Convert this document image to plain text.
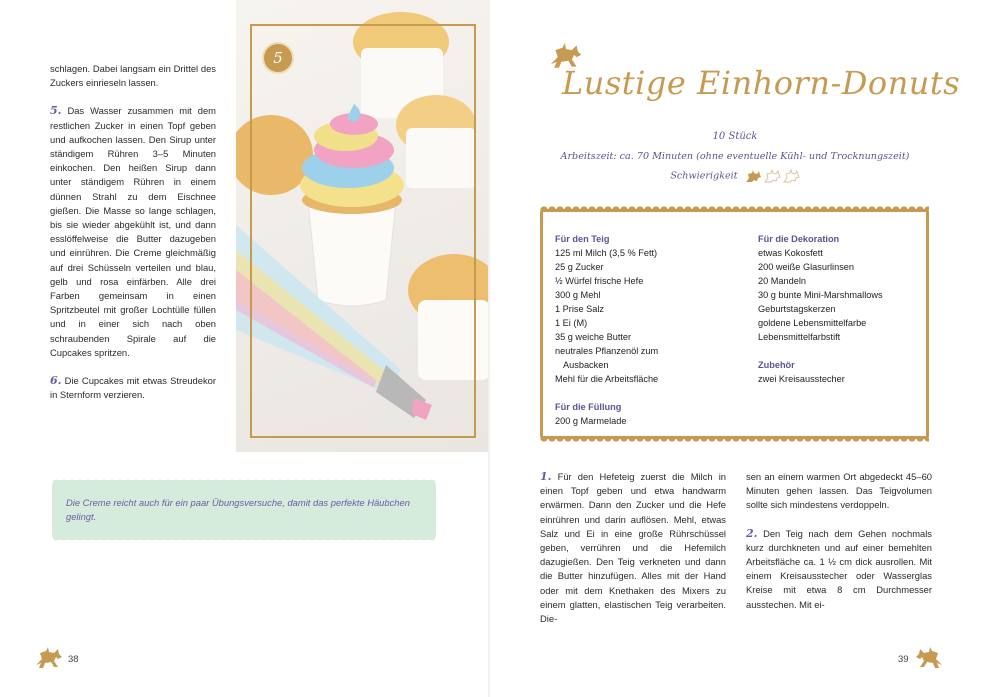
schlagen. Dabei langsam ein Drittel des Zuckers einrieseln lassen.

5. Das Wasser zusammen mit dem restlichen Zucker in einen Topf geben und aufkochen lassen. Den Sirup unter ständigem Rühren 3–5 Minuten einkochen. Den heißen Sirup dann unter ständigem Rühren in einem dünnen Strahl zu dem Eischnee gießen. Die Masse so lange schlagen, bis sie wieder abgekühlt ist, und dann esslöffelweise die Butter dazugeben und einrühren. Die Creme gleichmäßig auf drei Schüsseln verteilen und blau, gelb und rosa einfärben. Alle drei Farben gemeinsam in einen Spritzbeutel mit großer Lochtülle füllen und in einer sich nach oben schraubenden Spirale auf die Cupcakes spritzen.

6. Die Cupcakes mit etwas Streudekor in Sternform verzieren.

5
Die Creme reicht auch für ein paar Übungsversuche, damit das perfekte Häubchen gelingt.
38
Lustige Einhorn-Donuts
10 Stück
Arbeitszeit: ca. 70 Minuten (ohne eventuelle Kühl- und Trocknungszeit)
Schwierigkeit
Für den Teig
125 ml Milch (3,5 % Fett)
25 g Zucker
½ Würfel frische Hefe
300 g Mehl
1 Prise Salz
1 Ei (M)
35 g weiche Butter
neutrales Pflanzenöl zum
Ausbacken
Mehl für die Arbeitsfläche
Für die Füllung
200 g Marmelade
Für die Dekoration
etwas Kokosfett
200 weiße Glasurlinsen
20 Mandeln
30 g bunte Mini-Marshmallows
Geburtstagskerzen
goldene Lebensmittelfarbe
Lebensmittelfarbstift
Zubehör
zwei Kreisausstecher

1. Für den Hefeteig zuerst die Milch in einen Topf geben und etwa handwarm erwärmen. Dann den Zucker und die Hefe einrühren und darin auflösen. Mehl, etwas Salz und Ei in eine große Rührschüssel geben, verrühren und die Hefemilch dazugießen. Den Teig verkneten und dann die Butter hinzufügen. Alles mit der Hand oder mit dem Knethaken des Mixers zu einem glatten, elastischen Teig verarbeiten. Die-

sen an einem warmen Ort abgedeckt 45–60 Minuten gehen lassen. Das Teigvolumen sollte sich mindestens verdoppeln.

2. Den Teig nach dem Gehen nochmals kurz durchkneten und auf einer bemehlten Arbeitsfläche ca. 1 ½ cm dick ausrollen. Mit einem Kreisausstecher oder Wasserglas Kreise mit etwa 8 cm Durchmesser ausstechen. Mit ei-

39
